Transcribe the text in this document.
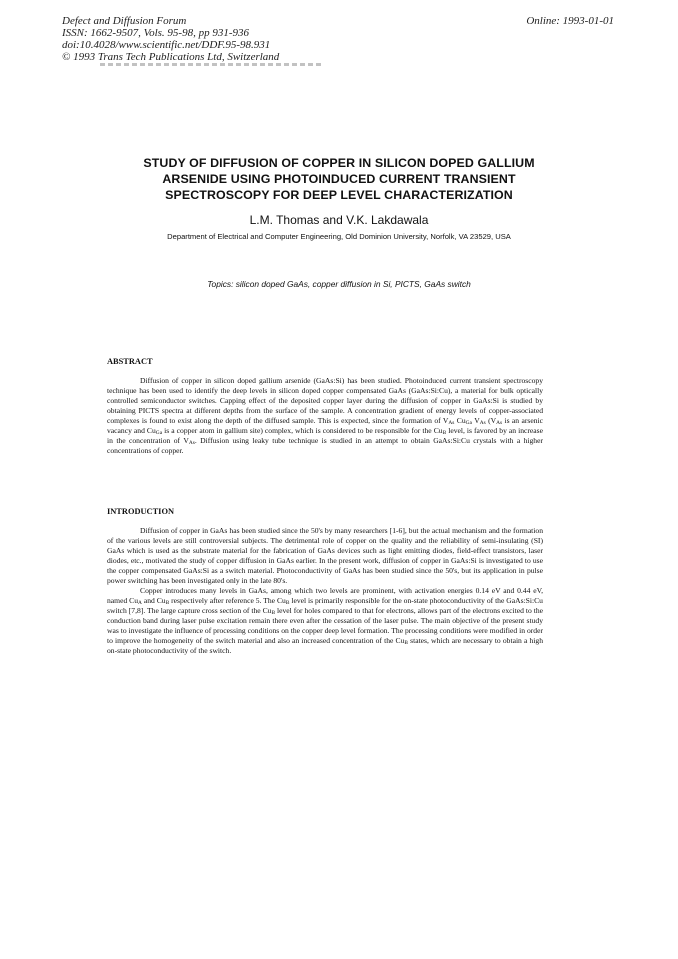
Defect and Diffusion Forum
ISSN: 1662-9507, Vols. 95-98, pp 931-936
doi:10.4028/www.scientific.net/DDF.95-98.931
© 1993 Trans Tech Publications Ltd, Switzerland
Online: 1993-01-01
STUDY OF DIFFUSION OF COPPER IN SILICON DOPED GALLIUM
ARSENIDE USING PHOTOINDUCED CURRENT TRANSIENT
SPECTROSCOPY FOR DEEP LEVEL CHARACTERIZATION
L.M. Thomas and V.K. Lakdawala
Department of Electrical and Computer Engineering, Old Dominion University, Norfolk, VA 23529, USA
Topics: silicon doped GaAs, copper diffusion in Si, PICTS, GaAs switch
ABSTRACT

Diffusion of copper in silicon doped gallium arsenide (GaAs:Si) has been studied. Photoinduced current transient spectroscopy technique has been used to identify the deep levels in silicon doped copper compensated GaAs (GaAs:Si:Cu), a material for bulk optically controlled semiconductor switches. Capping effect of the deposited copper layer during the diffusion of copper in GaAs:Si is studied by obtaining PICTS spectra at different depths from the surface of the sample. A concentration gradient of energy levels of copper-associated complexes is found to exist along the depth of the diffused sample. This is expected, since the formation of $V_{As}$ $Cu_{Ga}$ $V_{As}$ ($V_{As}$ is an arsenic vacancy and $Cu_{Ga}$ is a copper atom in gallium site) complex, which is considered to be responsible for the $Cu_B$ level, is favored by an increase in the concentration of $V_{As}$. Diffusion using leaky tube technique is studied in an attempt to obtain GaAs:Si:Cu crystals with a higher concentrations of copper.

INTRODUCTION

Diffusion of copper in GaAs has been studied since the 50's by many researchers [1-6], but the actual mechanism and the formation of the various levels are still controversial subjects. The detrimental role of copper on the quality and the reliability of semi-insulating (SI) GaAs which is used as the substrate material for the fabrication of GaAs devices such as light emitting diodes, field-effect transistors, laser diodes, etc., motivated the study of copper diffusion in GaAs earlier. In the present work, diffusion of copper in GaAs:Si is investigated to use the copper compensated GaAs:Si as a switch material. Photoconductivity of GaAs has been studied since the 50's, but its application in pulse power switching has been investigated only in the late 80's.

Copper introduces many levels in GaAs, among which two levels are prominent, with activation energies 0.14 eV and 0.44 eV, named $Cu_A$ and $Cu_B$ respectively after reference 5. The $Cu_B$ level is primarily responsible for the on-state photoconductivity of the GaAs:Si:Cu switch [7,8]. The large capture cross section of the $Cu_B$ level for holes compared to that for electrons, allows part of the electrons excited to the conduction band during laser pulse excitation remain there even after the cessation of the laser pulse. The main objective of the present study was to investigate the influence of processing conditions on the copper deep level formation. The processing conditions were modified in order to improve the homogeneity of the switch material and also an increased concentration of the $Cu_B$ states, which are necessary to obtain a high on-state photoconductivity of the switch.
